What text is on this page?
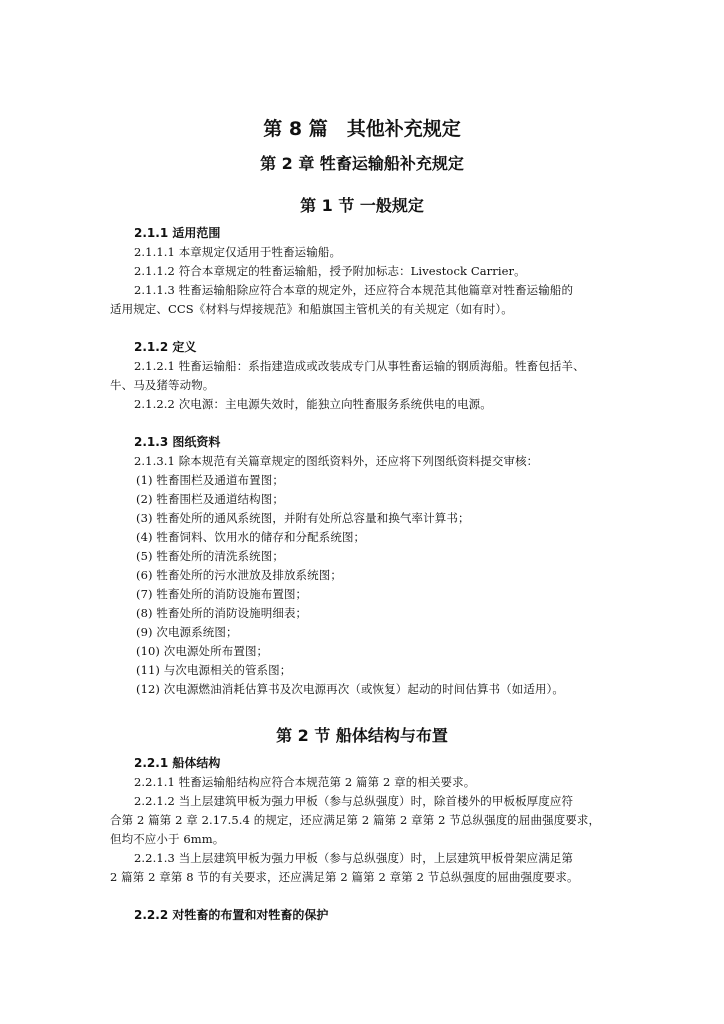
第 8 篇　其他补充规定
第 2 章 牲畜运输船补充规定
第 1 节 一般规定
2.1.1 适用范围
2.1.1.1 本章规定仅适用于牲畜运输船。
2.1.1.2 符合本章规定的牲畜运输船，授予附加标志：Livestock Carrier。
2.1.1.3 牲畜运输船除应符合本章的规定外，还应符合本规范其他篇章对牲畜运输船的
适用规定、CCS《材料与焊接规范》和船旗国主管机关的有关规定（如有时）。
2.1.2 定义
2.1.2.1 牲畜运输船：系指建造成或改装成专门从事牲畜运输的钢质海船。牲畜包括羊、
牛、马及猪等动物。
2.1.2.2 次电源：主电源失效时，能独立向牲畜服务系统供电的电源。
2.1.3 图纸资料
2.1.3.1 除本规范有关篇章规定的图纸资料外，还应将下列图纸资料提交审核：
(1) 牲畜围栏及通道布置图；
(2) 牲畜围栏及通道结构图；
(3) 牲畜处所的通风系统图，并附有处所总容量和换气率计算书；
(4) 牲畜饲料、饮用水的储存和分配系统图；
(5) 牲畜处所的清洗系统图；
(6) 牲畜处所的污水泄放及排放系统图；
(7) 牲畜处所的消防设施布置图；
(8) 牲畜处所的消防设施明细表；
(9) 次电源系统图；
(10) 次电源处所布置图；
(11) 与次电源相关的管系图；
(12) 次电源燃油消耗估算书及次电源再次（或恢复）起动的时间估算书（如适用）。
第 2 节 船体结构与布置
2.2.1 船体结构
2.2.1.1 牲畜运输船结构应符合本规范第 2 篇第 2 章的相关要求。
2.2.1.2 当上层建筑甲板为强力甲板（参与总纵强度）时，除首楼外的甲板板厚度应符
合第 2 篇第 2 章 2.17.5.4 的规定，还应满足第 2 篇第 2 章第 2 节总纵强度的屈曲强度要求，
但均不应小于 6mm。
2.2.1.3 当上层建筑甲板为强力甲板（参与总纵强度）时，上层建筑甲板骨架应满足第
2 篇第 2 章第 8 节的有关要求，还应满足第 2 篇第 2 章第 2 节总纵强度的屈曲强度要求。
2.2.2 对牲畜的布置和对牲畜的保护
